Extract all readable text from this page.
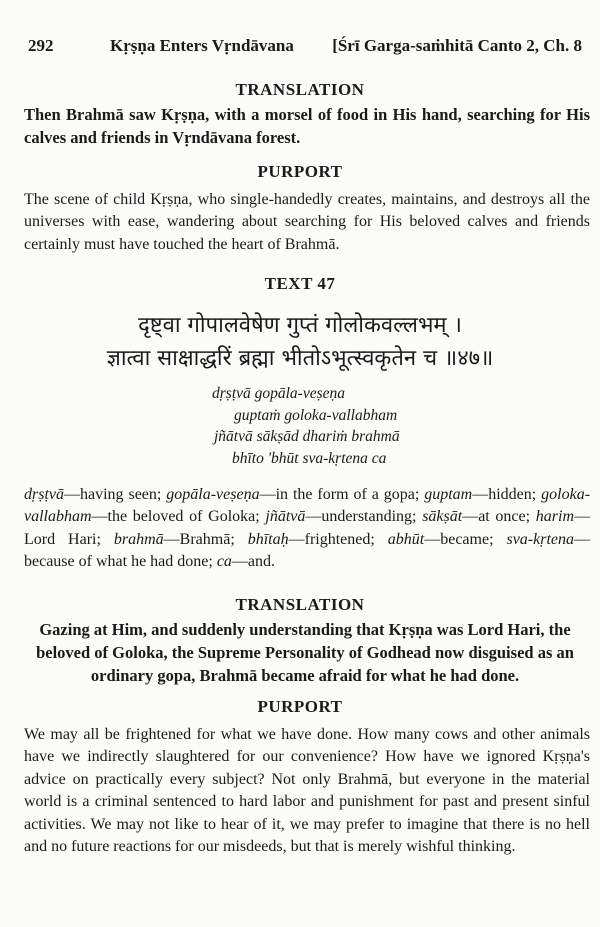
292	Kṛṣṇa Enters Vṛndāvana [Śrī Garga-saṁhitā Canto 2, Ch. 8
TRANSLATION
Then Brahmā saw Kṛṣṇa, with a morsel of food in His hand, searching for His calves and friends in Vṛndāvana forest.
PURPORT
The scene of child Kṛṣṇa, who single-handedly creates, maintains, and destroys all the universes with ease, wandering about searching for His beloved calves and friends certainly must have touched the heart of Brahmā.
TEXT 47
दृष्ट्वा गोपालवेषेण गुप्तं गोलोकवल्लभम् ।
ज्ञात्वा साक्षाद्धरिं ब्रह्मा भीतोऽभूत्स्वकृतेन च ॥४७॥
dṛṣṭvā gopāla-veṣeṇa
guptaṁ goloka-vallabham
jñātvā sākṣād dhariṁ brahmā
bhīto 'bhūt sva-kṛtena ca
dṛṣṭvā—having seen; gopāla-veṣeṇa—in the form of a gopa; guptam—hidden; goloka-vallabham—the beloved of Goloka; jñātvā—understanding; sākṣāt—at once; harim—Lord Hari; brahmā—Brahmā; bhītaḥ—frightened; abhūt—became; sva-kṛtena—because of what he had done; ca—and.
TRANSLATION
Gazing at Him, and suddenly understanding that Kṛṣṇa was Lord Hari, the beloved of Goloka, the Supreme Personality of Godhead now disguised as an ordinary gopa, Brahmā became afraid for what he had done.
PURPORT
We may all be frightened for what we have done. How many cows and other animals have we indirectly slaughtered for our convenience? How have we ignored Kṛṣṇa's advice on practically every subject? Not only Brahmā, but everyone in the material world is a criminal sentenced to hard labor and punishment for past and present sinful activities. We may not like to hear of it, we may prefer to imagine that there is no hell and no future reactions for our misdeeds, but that is merely wishful thinking.
